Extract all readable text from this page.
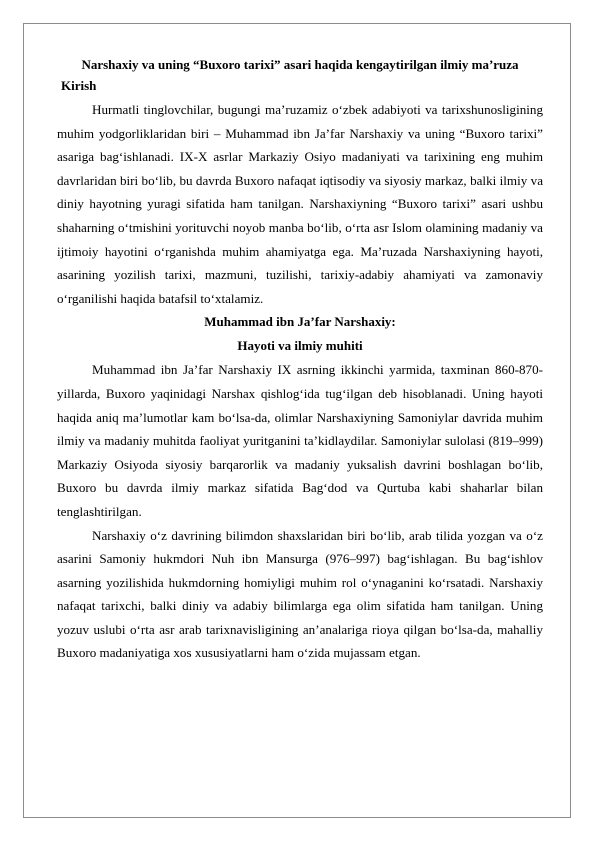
Narshaxiy va uning “Buxoro tarixi” asari haqida kengaytirilgan ilmiy ma’ruza
Kirish

Hurmatli tinglovchilar, bugungi ma’ruzamiz o‘zbek adabiyoti va tarixshunosligining muhim yodgorliklaridan biri – Muhammad ibn Ja’far Narshaxiy va uning “Buxoro tarixi” asariga bag‘ishlanadi. IX-X asrlar Markaziy Osiyo madaniyati va tarixining eng muhim davrlaridan biri bo‘lib, bu davrda Buxoro nafaqat iqtisodiy va siyosiy markaz, balki ilmiy va diniy hayotning yuragi sifatida ham tanilgan. Narshaxiyning “Buxoro tarixi” asari ushbu shaharning o‘tmishini yorituvchi noyob manba bo‘lib, o‘rta asr Islom olamining madaniy va ijtimoiy hayotini o‘rganishda muhim ahamiyatga ega. Ma’ruzada Narshaxiyning hayoti, asarining yozilish tarixi, mazmuni, tuzilishi, tarixiy-adabiy ahamiyati va zamonaviy o‘rganilishi haqida batafsil to‘xtalamiz.

Muhammad ibn Ja’far Narshaxiy:
Hayoti va ilmiy muhiti

Muhammad ibn Ja’far Narshaxiy IX asrning ikkinchi yarmida, taxminan 860-870-yillarda, Buxoro yaqinidagi Narshax qishlog‘ida tug‘ilgan deb hisoblanadi. Uning hayoti haqida aniq ma’lumotlar kam bo‘lsa-da, olimlar Narshaxiyning Samoniylar davrida muhim ilmiy va madaniy muhitda faoliyat yuritganini ta’kidlaydilar. Samoniylar sulolasi (819–999) Markaziy Osiyoda siyosiy barqarorlik va madaniy yuksalish davrini boshlagan bo‘lib, Buxoro bu davrda ilmiy markaz sifatida Bag‘dod va Qurtuba kabi shaharlar bilan tenglashtirilgan.

Narshaxiy o‘z davrining bilimdon shaxslaridan biri bo‘lib, arab tilida yozgan va o‘z asarini Samoniy hukmdori Nuh ibn Mansurga (976–997) bag‘ishlagan. Bu bag‘ishlov asarning yozilishida hukmdorning homiyligi muhim rol o‘ynaganini ko‘rsatadi. Narshaxiy nafaqat tarixchi, balki diniy va adabiy bilimlarga ega olim sifatida ham tanilgan. Uning yozuv uslubi o‘rta asr arab tarixnavisligining an’analariga rioya qilgan bo‘lsa-da, mahalliy Buxoro madaniyatiga xos xususiyatlarni ham o‘zida mujassam etgan.
